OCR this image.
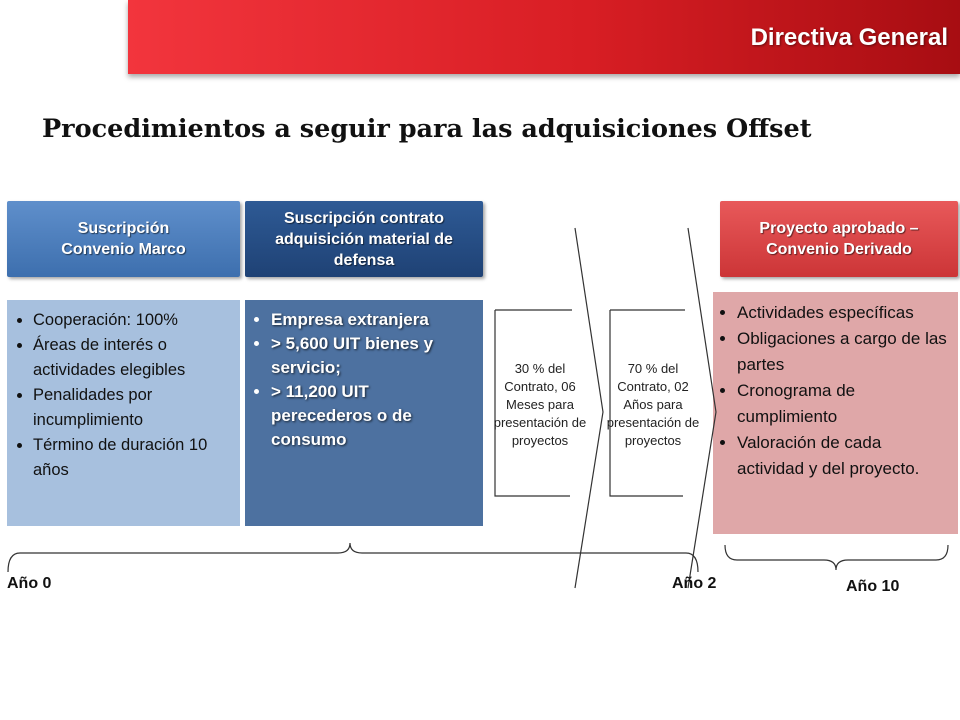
Directiva General
Procedimientos a seguir para las adquisiciones Offset
Suscripción Convenio Marco
Suscripción contrato adquisición material de defensa
Proyecto aprobado – Convenio Derivado
• Cooperación: 100%
• Áreas de interés o actividades elegibles
• Penalidades por incumplimiento
• Término de duración 10 años
• Empresa extranjera
• > 5,600 UIT bienes y servicio;
• > 11,200 UIT perecederos o de consumo
• Actividades específicas
• Obligaciones a cargo de las partes
• Cronograma de cumplimiento
• Valoración de cada actividad y del proyecto.
30 % del Contrato, 06 Meses para presentación de proyectos
70 % del Contrato, 02 Años para presentación de proyectos
Año 0	Año 2	Año 10
